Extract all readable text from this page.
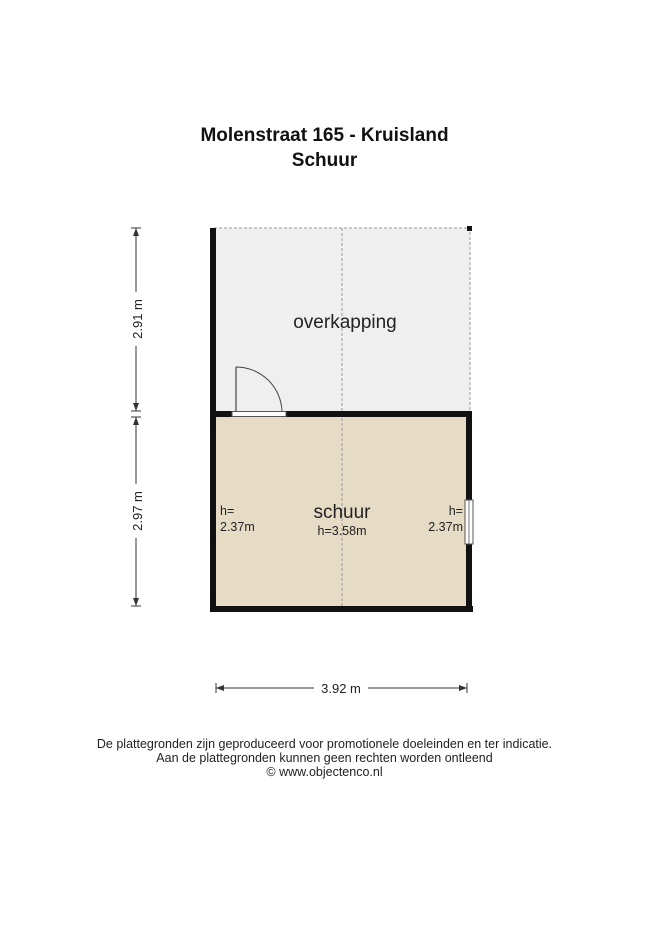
Molenstraat 165 - Kruisland
Schuur
2.91 m
2.97 m
3.92 m
overkapping
schuur
h=3.58m
h=
2.37m
h=
2.37m
De plattegronden zijn geproduceerd voor promotionele doeleinden en ter indicatie.
Aan de plattegronden kunnen geen rechten worden ontleend
© www.objectenco.nl
